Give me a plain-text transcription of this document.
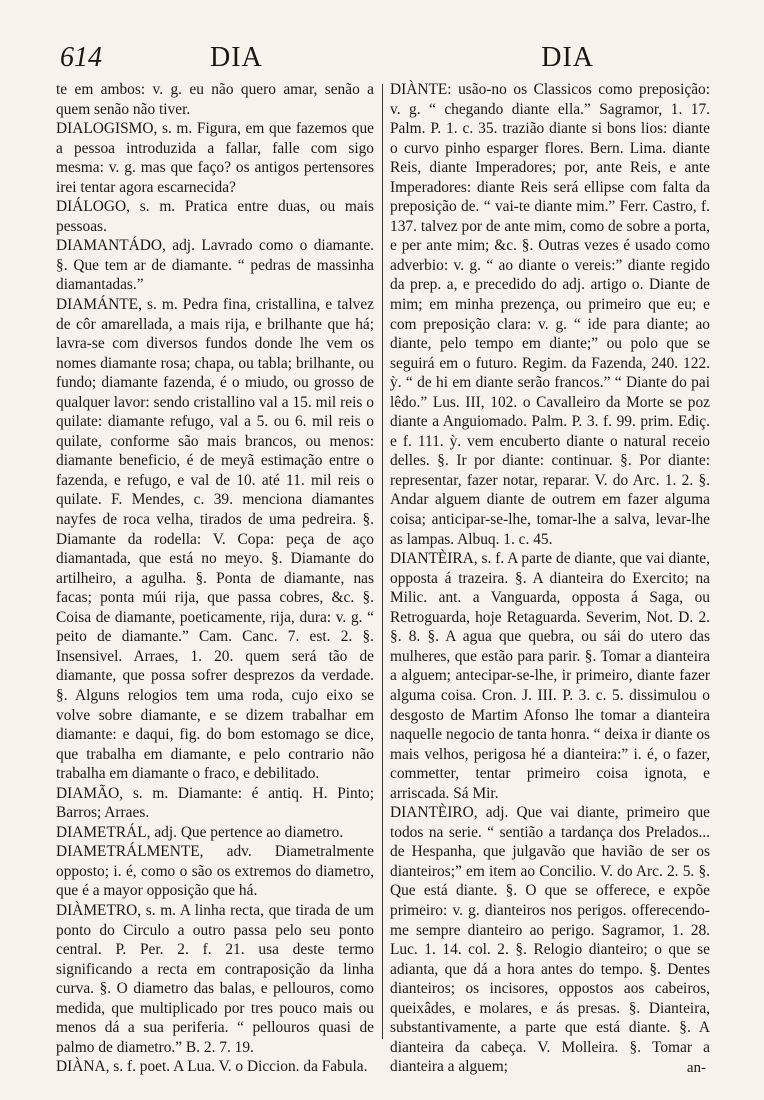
614	DIA	DIA

te em ambos: v. g. eu não quero amar, senão a quem senão não tiver.

DIALOGISMO, s. m. Figura, em que fazemos que a pessoa introduzida a fallar, falle com sigo mesma: v. g. mas que faço? os antigos pertensores irei tentar agora escarnecida?

DIÁLOGO, s. m. Pratica entre duas, ou mais pessoas.

DIAMANTÁDO, adj. Lavrado como o diamante. §. Que tem ar de diamante. “ pedras de massinha diamantadas.”

DIAMÁNTE, s. m. Pedra fina, cristallina, e talvez de côr amarellada, a mais rija, e brilhante que há; lavra-se com diversos fundos donde lhe vem os nomes diamante rosa; chapa, ou tabla; brilhante, ou fundo; diamante fazenda, é o miudo, ou grosso de qualquer lavor: sendo cristallino val a 15. mil reis o quilate: diamante refugo, val a 5. ou 6. mil reis o quilate, conforme são mais brancos, ou menos: diamante beneficio, é de meyã estimação entre o fazenda, e refugo, e val de 10. até 11. mil reis o quilate. F. Mendes, c. 39. menciona diamantes nayfes de roca velha, tirados de uma pedreira. §. Diamante da rodella: V. Copa: peça de aço diamantada, que está no meyo. §. Diamante do artilheiro, a agulha. §. Ponta de diamante, nas facas; ponta múi rija, que passa cobres, &c. §. Coisa de diamante, poeticamente, rija, dura: v. g. “ peito de diamante.” Cam. Canc. 7. est. 2. §. Insensivel. Arraes, 1. 20. quem será tão de diamante, que possa sofrer desprezos da verdade. §. Alguns relogios tem uma roda, cujo eixo se volve sobre diamante, e se dizem trabalhar em diamante: e daqui, fig. do bom estomago se dice, que trabalha em diamante, e pelo contrario não trabalha em diamante o fraco, e debilitado.

DIAMÃO, s. m. Diamante: é antiq. H. Pinto; Barros; Arraes.

DIAMETRÁL, adj. Que pertence ao diametro.

DIAMETRÁLMENTE, adv. Diametralmente opposto; i. é, como o são os extremos do diametro, que é a mayor opposição que há.

DIÀMETRO, s. m. A linha recta, que tirada de um ponto do Circulo a outro passa pelo seu ponto central. P. Per. 2. f. 21. usa deste termo significando a recta em contraposição da linha curva. §. O diametro das balas, e pellouros, como medida, que multiplicado por tres pouco mais ou menos dá a sua periferia. “ pellouros quasi de palmo de diametro.” B. 2. 7. 19.

DIÀNA, s. f. poet. A Lua. V. o Diccion. da Fabula.

DIÀNTE: usão-no os Classicos como preposição: v. g. “ chegando diante ella.” Sagramor, 1. 17. Palm. P. 1. c. 35. trazião diante si bons lios: diante o curvo pinho esparger flores. Bern. Lima. diante Reis, diante Imperadores; por, ante Reis, e ante Imperadores: diante Reis será ellipse com falta da preposição de. “ vai-te diante mim.” Ferr. Castro, f. 137. talvez por de ante mim, como de sobre a porta, e per ante mim; &c. §. Outras vezes é usado como adverbio: v. g. “ ao diante o vereis:” diante regido da prep. a, e precedido do adj. artigo o. Diante de mim; em minha prezença, ou primeiro que eu; e com preposição clara: v. g. “ ide para diante; ao diante, pelo tempo em diante;” ou polo que se seguirá em o futuro. Regim. da Fazenda, 240. 122. ỳ. “ de hi em diante serão francos.” “ Diante do pai lêdo.” Lus. III, 102. o Cavalleiro da Morte se poz diante a Anguiomado. Palm. P. 3. f. 99. prim. Ediç. e f. 111. ỳ. vem encuberto diante o natural receio delles. §. Ir por diante: continuar. §. Por diante: representar, fazer notar, reparar. V. do Arc. 1. 2. §. Andar alguem diante de outrem em fazer alguma coisa; anticipar-se-lhe, tomar-lhe a salva, levar-lhe as lampas. Albuq. 1. c. 45.

DIANTÈIRA, s. f. A parte de diante, que vai diante, opposta á trazeira. §. A dianteira do Exercito; na Milic. ant. a Vanguarda, opposta á Saga, ou Retroguarda, hoje Retaguarda. Severim, Not. D. 2. §. 8. §. A agua que quebra, ou sái do utero das mulheres, que estão para parir. §. Tomar a dianteira a alguem; antecipar-se-lhe, ir primeiro, diante fazer alguma coisa. Cron. J. III. P. 3. c. 5. dissimulou o desgosto de Martim Afonso lhe tomar a dianteira naquelle negocio de tanta honra. “ deixa ir diante os mais velhos, perigosa hé a dianteira:” i. é, o fazer, commetter, tentar primeiro coisa ignota, e arriscada. Sá Mir.

DIANTÈIRO, adj. Que vai diante, primeiro que todos na serie. “ sentião a tardança dos Prelados... de Hespanha, que julgavão que havião de ser os dianteiros;” em item ao Concilio. V. do Arc. 2. 5. §. Que está diante. §. O que se offerece, e expõe primeiro: v. g. dianteiros nos perigos. offerecendo-me sempre dianteiro ao perigo. Sagramor, 1. 28. Luc. 1. 14. col. 2. §. Relogio dianteiro; o que se adianta, que dá a hora antes do tempo. §. Dentes dianteiros; os incisores, oppostos aos cabeiros, queixâdes, e molares, e ás presas. §. Dianteira, substantivamente, a parte que está diante. §. A dianteira da cabeça. V. Molleira. §. Tomar a dianteira a alguem;	an-
